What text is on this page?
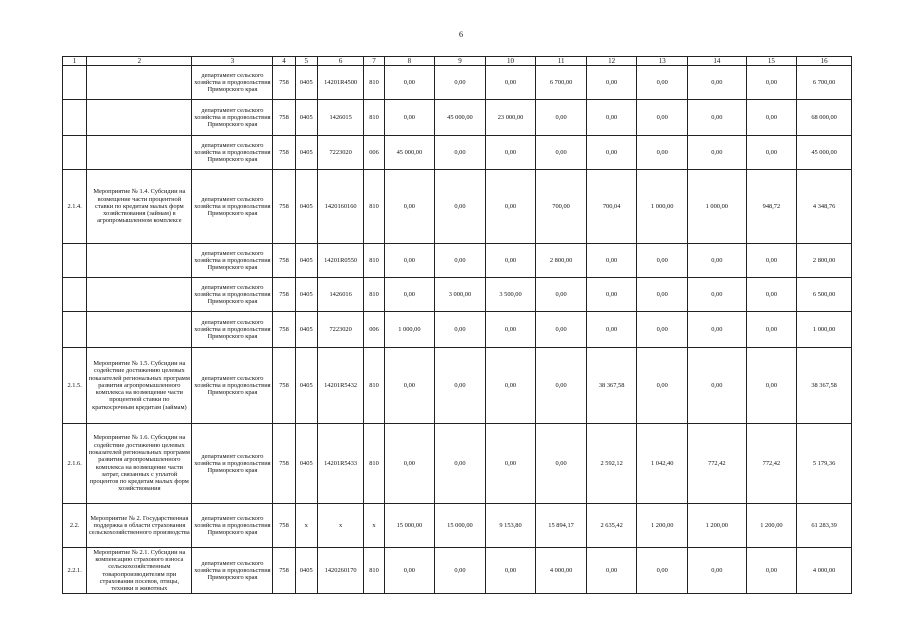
6
1	2	3	4	5	6	7	8	9	10	11	12	13	14	15	16
		департамент сельского хозяйства и продовольствия Приморского края	758	0405	14201R4500	810	0,00	0,00	0,00	6 700,00	0,00	0,00	0,00	0,00	6 700,00
		департамент сельского хозяйства и продовольствия Приморского края	758	0405	1426015	810	0,00	45 000,00	23 000,00	0,00	0,00	0,00	0,00	0,00	68 000,00
		департамент сельского хозяйства и продовольствия Приморского края	758	0405	7223020	006	45 000,00	0,00	0,00	0,00	0,00	0,00	0,00	0,00	45 000,00
2.1.4.	Мероприятие № 1.4. Субсидии на возмещение части процентной ставки по кредитам малых форм хозяйствования (займам) в агропромышленном комплексе	департамент сельского хозяйства и продовольствия Приморского края	758	0405	1420160160	810	0,00	0,00	0,00	700,00	700,04	1 000,00	1 000,00	948,72	4 348,76
		департамент сельского хозяйства и продовольствия Приморского края	758	0405	14201R0550	810	0,00	0,00	0,00	2 800,00	0,00	0,00	0,00	0,00	2 800,00
		департамент сельского хозяйства и продовольствия Приморского края	758	0405	1426016	810	0,00	3 000,00	3 500,00	0,00	0,00	0,00	0,00	0,00	6 500,00
		департамент сельского хозяйства и продовольствия Приморского края	758	0405	7223020	006	1 000,00	0,00	0,00	0,00	0,00	0,00	0,00	0,00	1 000,00
2.1.5.	Мероприятие № 1.5. Субсидии на содействие достижению целевых показателей региональных программ развития агропромышленного комплекса на возмещение части процентной ставки по краткосрочным кредитам (займам)	департамент сельского хозяйства и продовольствия Приморского края	758	0405	14201R5432	810	0,00	0,00	0,00	0,00	38 367,58	0,00	0,00	0,00	38 367,58
2.1.6.	Мероприятие № 1.6. Субсидии на содействие достижению целевых показателей региональных программ развития агропромышленного комплекса на возмещение части затрат, связанных с уплатой процентов по кредитам малых форм хозяйствования	департамент сельского хозяйства и продовольствия Приморского края	758	0405	14201R5433	810	0,00	0,00	0,00	0,00	2 592,12	1 042,40	772,42	772,42	5 179,36
2.2.	Мероприятие № 2. Государственная поддержка в области страхования сельскохозяйственного производства	департамент сельского хозяйства и продовольствия Приморского края	758	x	x	x	15 000,00	15 000,00	9 153,80	15 894,17	2 635,42	1 200,00	1 200,00	1 200,00	61 283,39
2.2.1.	Мероприятие № 2.1. Субсидии на компенсацию страхового взноса сельскохозяйственным товаропроизводителям при страховании посевов, птицы, техники в животных	департамент сельского хозяйства и продовольствия Приморского края	758	0405	1420260170	810	0,00	0,00	0,00	4 000,00	0,00	0,00	0,00	0,00	4 000,00
